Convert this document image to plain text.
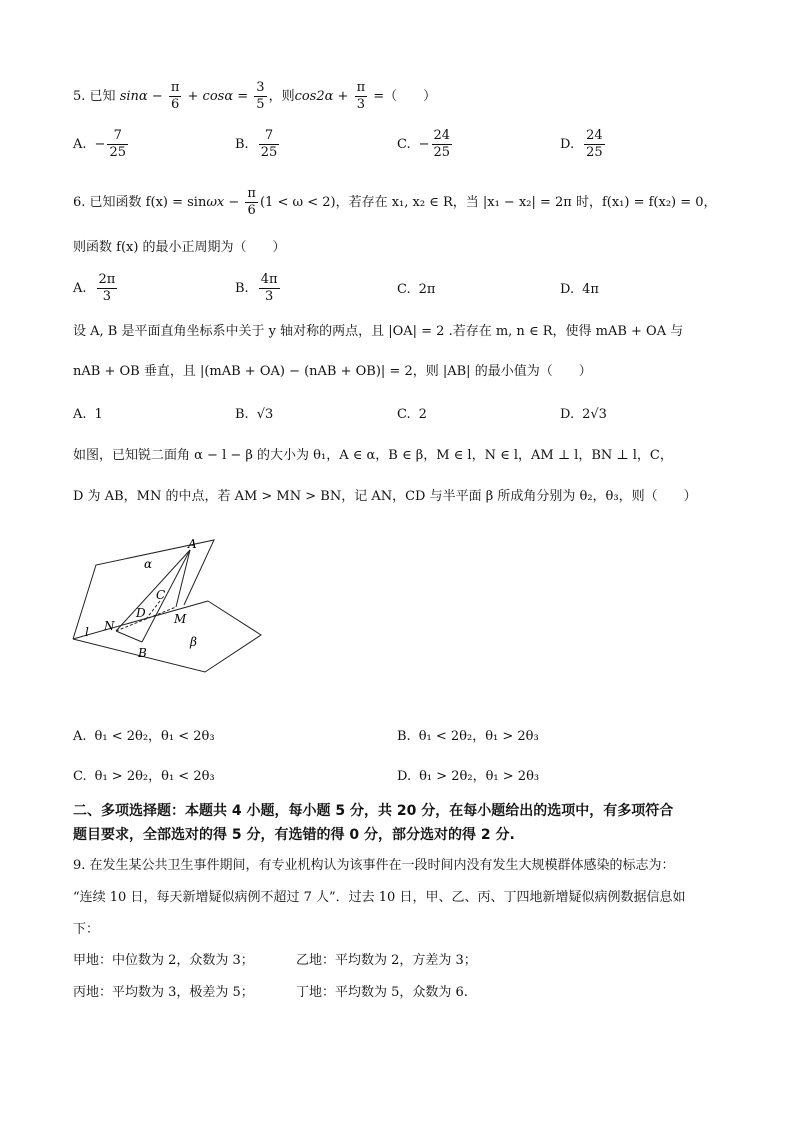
5. 已知 $\sin\alpha - \frac{\pi}{6} + \cos\alpha = \frac{3}{5}$ ，则$\cos 2\alpha + \frac{\pi}{3}$ =（　　）
A. − $\frac{7}{25}$	B. $\frac{7}{25}$	C. − $\frac{24}{25}$	D. $\frac{24}{25}$
6. 已知函数 $f(x) = \sin\omega x - \frac{\pi}{6} (1 < \omega < 2)$，若存在 x₁, x₂ ∈ R，当 |x₁ − x₂| = 2π 时，f(x₁) = f(x₂) = 0，
则函数 f(x) 的最小正周期为（　　）
A. $\frac{2\pi}{3}$	B. $\frac{4\pi}{3}$	C. 2π	D. 4π
设 A, B 是平面直角坐标系中关于 y 轴对称的两点，且 |OA| = 2 .若存在 m, n ∈ R，使得 mAB + OA 与
nAB + OB 垂直，且 |(mAB + OA) − (nAB + OB)| = 2，则 |AB| 的最小值为（　　）
A. 1	B. √3	C. 2	D. 2√3
如图，已知锐二面角 α − l − β 的大小为 θ₁，A ∈ α，B ∈ β，M ∈ l，N ∈ l，AM ⊥ l，BN ⊥ l，C，
D 为 AB，MN 的中点，若 AM > MN > BN，记 AN，CD 与半平面 β 所成角分别为 θ₂，θ₃，则（　　）
α
A
C
D M
N
l
B
β
A. θ₁ < 2θ₂，θ₁ < 2θ₃	B. θ₁ < 2θ₂，θ₁ > 2θ₃
C. θ₁ > 2θ₂，θ₁ < 2θ₃	D. θ₁ > 2θ₂，θ₁ > 2θ₃
二、多项选择题：本题共 4 小题，每小题 5 分，共 20 分，在每小题给出的选项中，有多项符合
题目要求，全部选对的得 5 分，有选错的得 0 分，部分选对的得 2 分.
9. 在发生某公共卫生事件期间，有专业机构认为该事件在一段时间内没有发生大规模群体感染的标志为：
“连续 10 日，每天新增疑似病例不超过 7 人”．过去 10 日，甲、乙、丙、丁四地新增疑似病例数据信息如
下：
甲地：中位数为 2，众数为 3；	乙地：平均数为 2，方差为 3；
丙地：平均数为 3，极差为 5；	丁地：平均数为 5，众数为 6.
